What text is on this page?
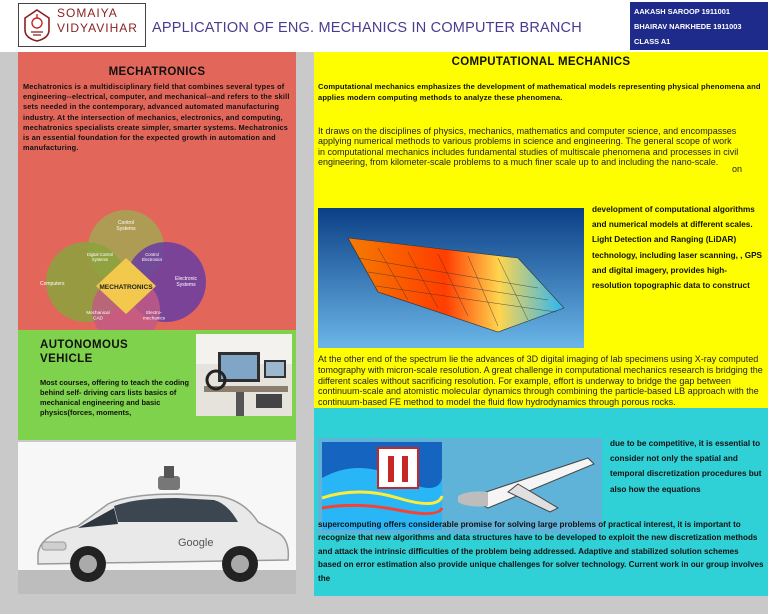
SOMAIYA
VIDYAVIHAR APPLICATION OF ENG. MECHANICS IN COMPUTER BRANCH
AAKASH SAROOP 1911001
BHAIRAV NARKHEDE 1911003
CLASS A1
MECHATRONICS
Mechatronics is a multidisciplinary field that combines several types of engineering--electrical, computer, and mechanical--and refers to the skill sets needed in the contemporary, advanced automated manufacturing industry. At the intersection of mechanics, electronics, and computing, mechatronics specialists create simpler, smarter systems. Mechatronics is an essential foundation for the expected growth in automation and manufacturing.
MECHATRONICS
Control Systems
Computers
Electronic Systems
Digital Control Systems
Control Electronics
Mechanical CAD
Electro-mechanics
AUTONOMOUS VEHICLE
Most courses, offering to teach the coding behind self- driving cars lists basics of mechanical engineering and basic physics(forces, moments,
Google
COMPUTATIONAL MECHANICS
Computational mechanics emphasizes the development of mathematical models representing physical phenomena and applies modern computing methods to analyze these phenomena.
It draws on the disciplines of physics, mechanics, mathematics and computer science, and encompasses applying numerical methods to various problems in science and engineering. The general scope of work in computational mechanics includes fundamental studies of multiscale phenomena and processes in civil engineering, from kilometer-scale problems to a much finer scale up to and including the nano-scale.
on
development of computational algorithms and numerical models at different scales. Light Detection and Ranging (LiDAR) technology, including laser scanning, , GPS and digital imagery, provides high-resolution topographic data to construct
At the other end of the spectrum lie the advances of 3D digital imaging of lab specimens using X-ray computed tomography with micron-scale resolution. A great challenge in computational mechanics research is bridging the different scales without sacrificing resolution. For example, effort is underway to bridge the gap between continuum-scale and atomistic molecular dynamics through combining the particle-based LB approach with the continuum-based FE method to model the fluid flow hydrodynamics through porous rocks.
due to be competitive, it is essential to consider not only the spatial and temporal discretization procedures but also how the equations
supercomputing offers considerable promise for solving large problems of practical interest, it is important to recognize that new algorithms and data structures have to be developed to exploit the new discretization methods and attack the intrinsic difficulties of the problem being addressed. Adaptive and stabilized solution schemes based on error estimation also provide unique challenges for solver technology. Current work in our group involves the
